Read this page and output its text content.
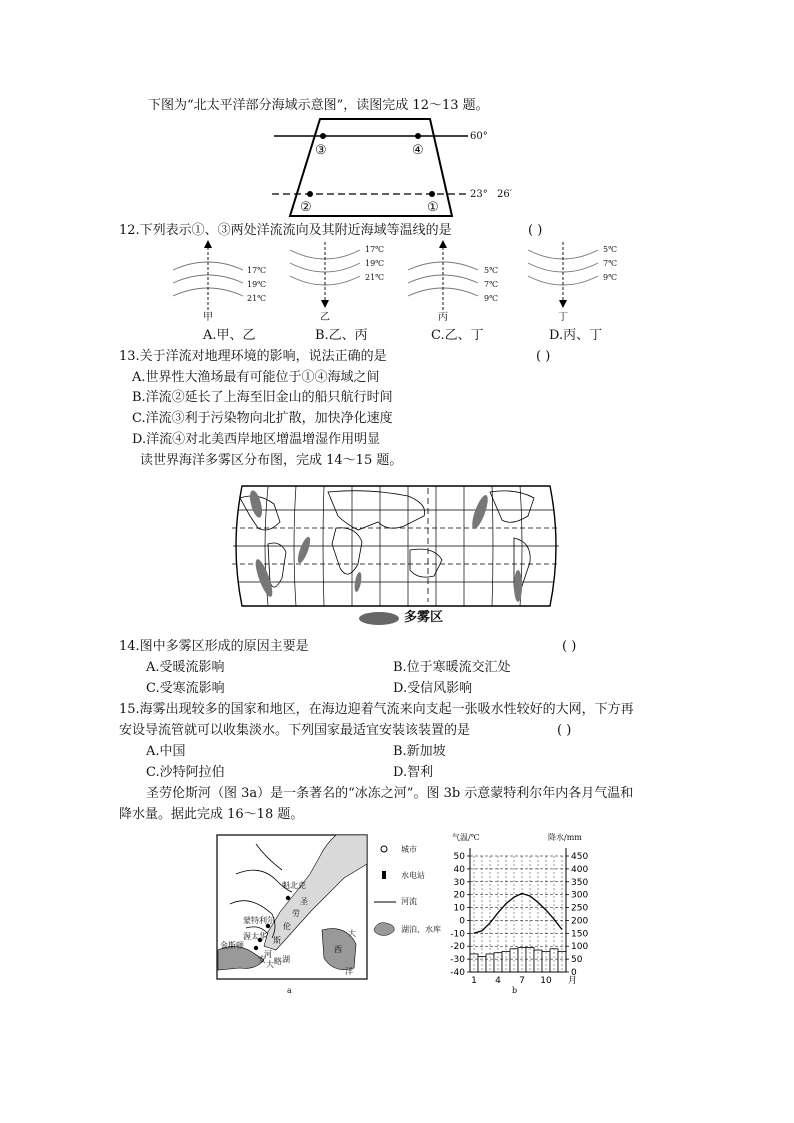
下图为“北太平洋部分海域示意图”，读图完成 12～13 题。
60°
23° 26′
③	④
②	①
12.下列表示①、③两处洋流流向及其附近海域等温线的是	( )
17℃
19℃
21℃
17℃
19℃
21℃
5℃
7℃
9℃
5℃
7℃
9℃
甲	乙	丙	丁
A.甲、乙	B.乙、丙	C.乙、丁	D.丙、丁
13.关于洋流对地理环境的影响，说法正确的是	( )
A.世界性大渔场最有可能位于①④海域之间
B.洋流②延长了上海至旧金山的船只航行时间
C.洋流③利于污染物向北扩散，加快净化速度
D.洋流④对北美西岸地区增温增湿作用明显
读世界海洋多雾区分布图，完成 14～15 题。
多雾区
14.图中多雾区形成的原因主要是	( )
A.受暖流影响	B.位于寒暖流交汇处
C.受寒流影响	D.受信风影响
15.海雾出现较多的国家和地区，在海边迎着气流来向支起一张吸水性较好的大网，下方再
安设导流管就可以收集淡水。下列国家最适宜安装该装置的是	( )
A.中国	B.新加坡
C.沙特阿拉伯	D.智利
圣劳伦斯河（图 3a）是一条著名的“冰冻之河”。图 3b 示意蒙特利尔年内各月气温和
降水量。据此完成 16～18 题。
魁北克
蒙特利尔
渥太华
金斯顿
圣
劳
伦
斯
河
安
大 略 湖
大
西
洋
a
城市
水电站
河流
湖泊、水库
气温/℃	降水/mm
50
40
30
20
10
0
-10
-20
-30
-40
450
400
350
300
250
200
150
100
50
0
1 4 7 10 月
b
